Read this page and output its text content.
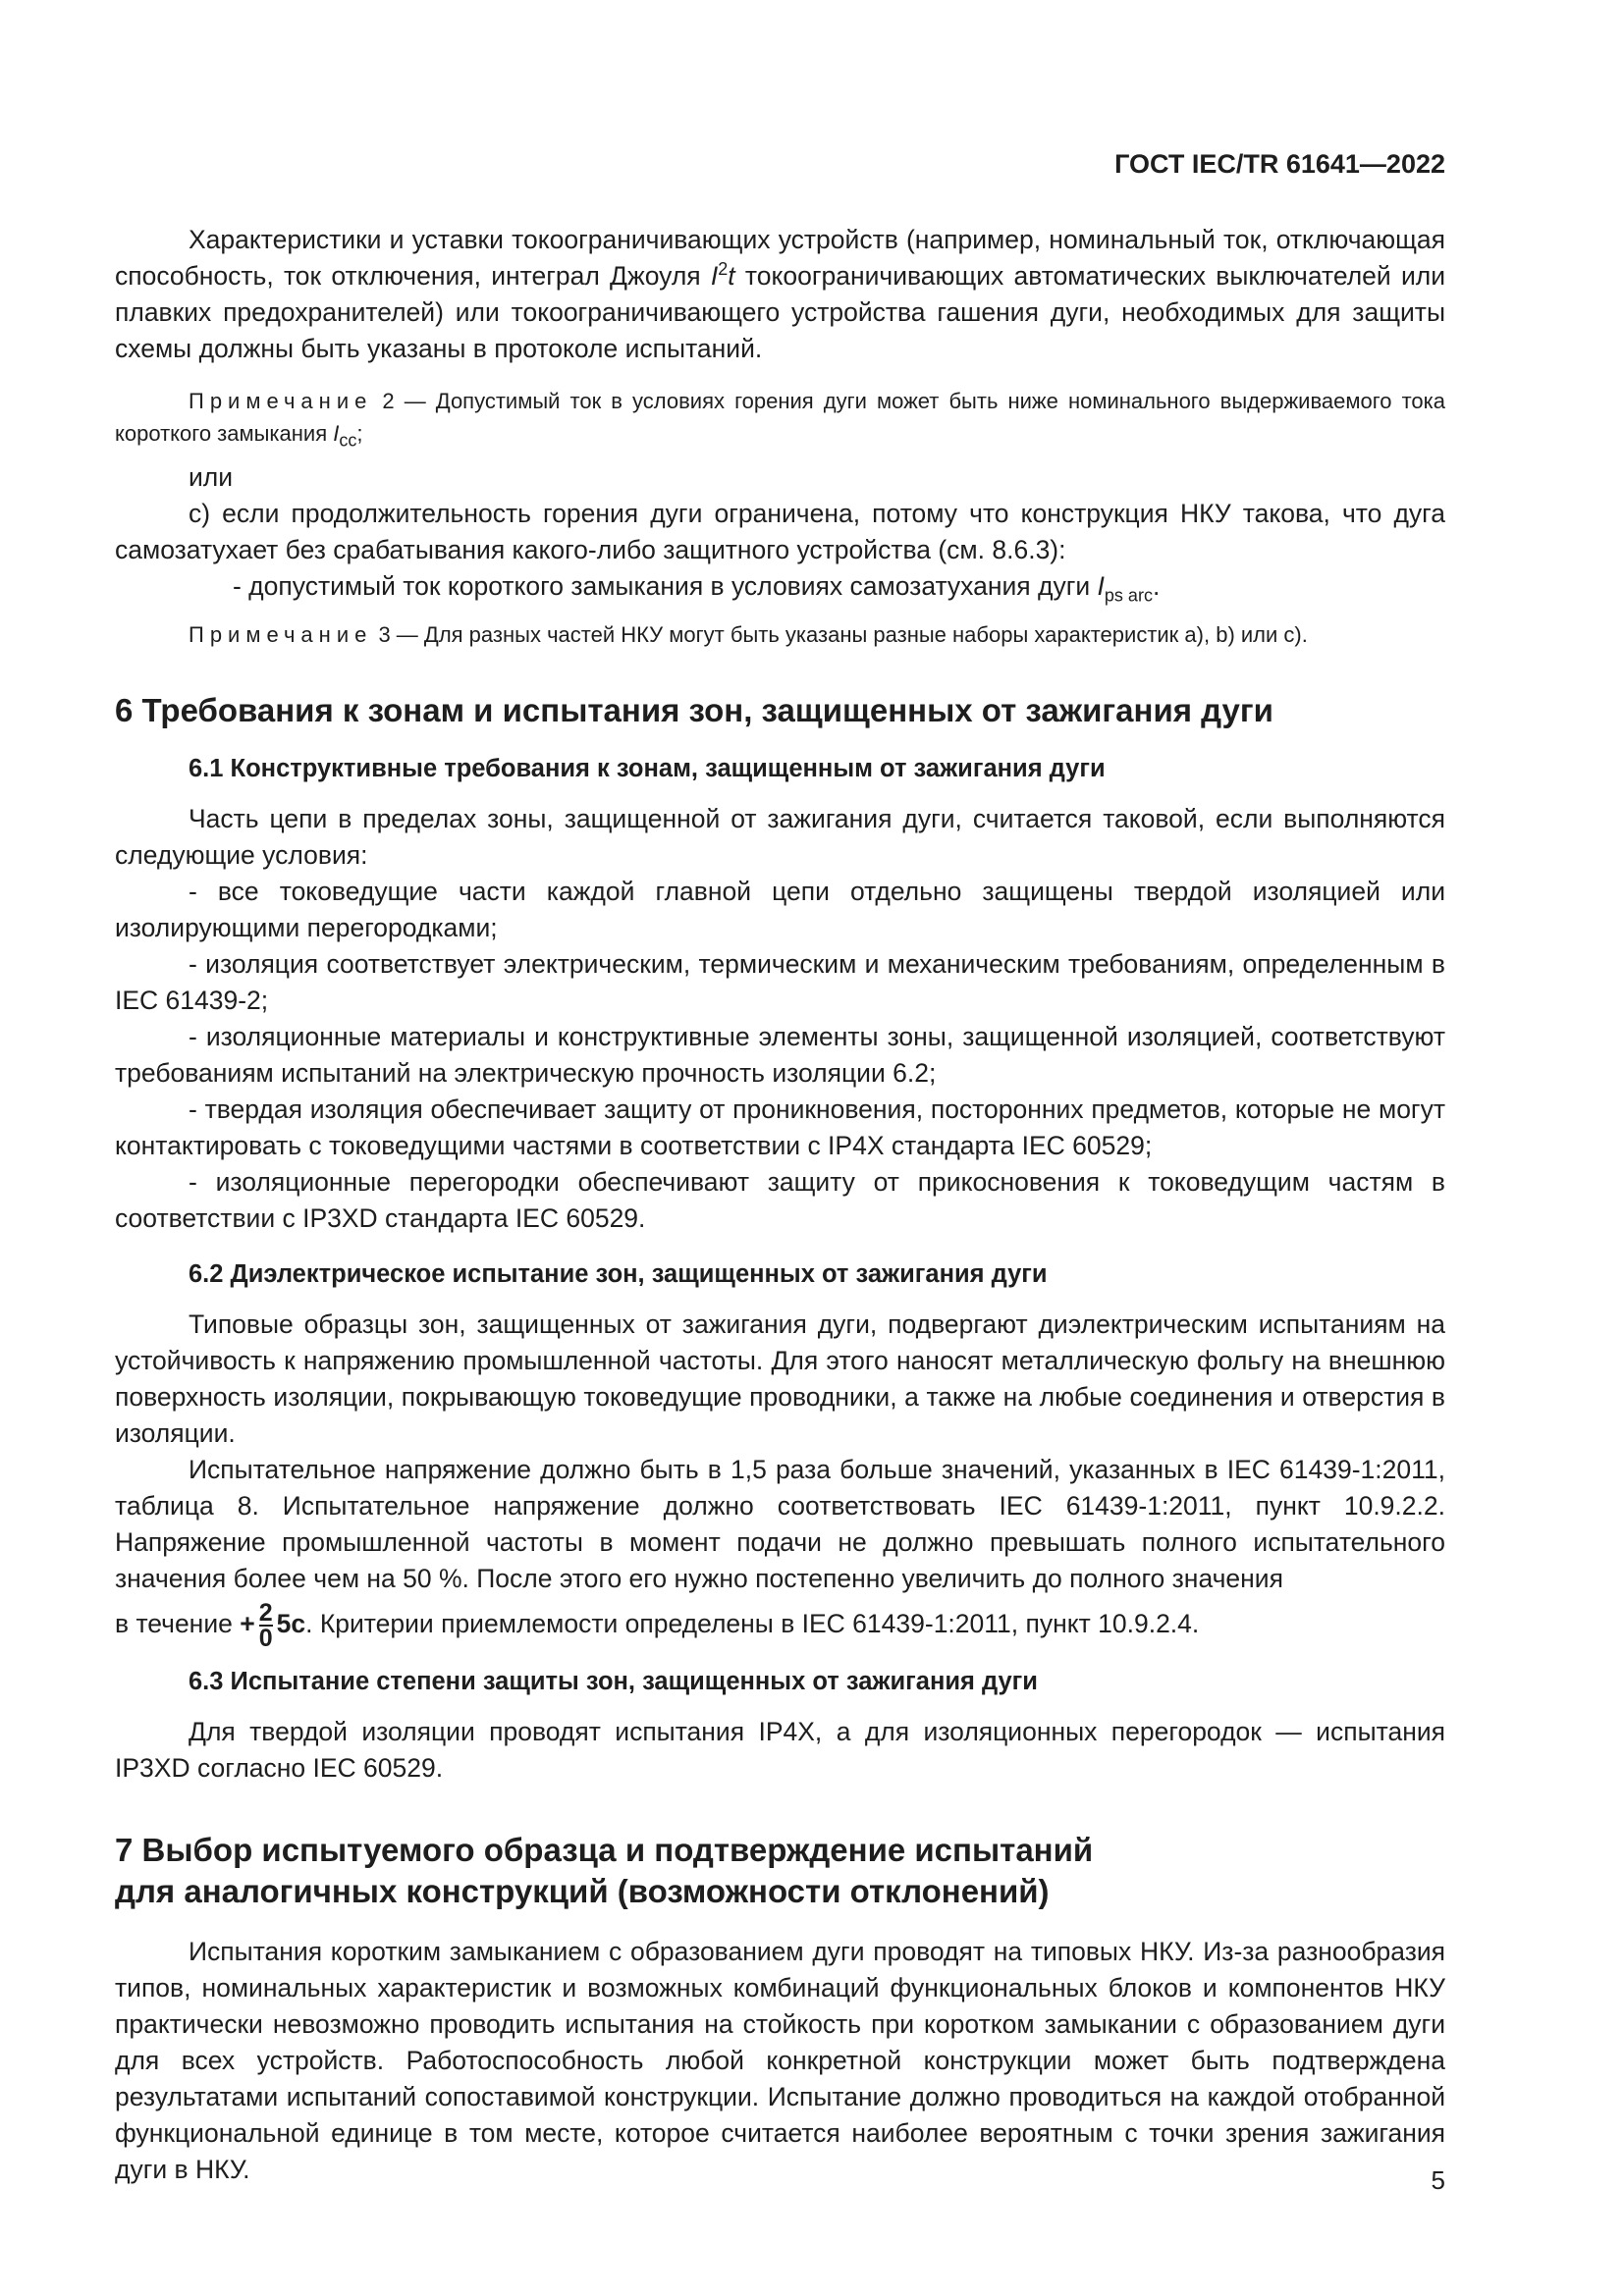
ГОСТ IEC/TR 61641—2022

Характеристики и уставки токоограничивающих устройств (например, номинальный ток, отключающая способность, ток отключения, интеграл Джоуля $I^2t$ токоограничивающих автоматических выключателей или плавких предохранителей) или токоограничивающего устройства гашения дуги, необходимых для защиты схемы должны быть указаны в протоколе испытаний.

Примечание 2 — Допустимый ток в условиях горения дуги может быть ниже номинального выдерживаемого тока короткого замыкания $I_{cc}$;

или

с) если продолжительность горения дуги ограничена, потому что конструкция НКУ такова, что дуга самозатухает без срабатывания какого-либо защитного устройства (см. 8.6.3):

- допустимый ток короткого замыкания в условиях самозатухания дуги $I_{ps arc}$.

Примечание 3 — Для разных частей НКУ могут быть указаны разные наборы характеристик a), b) или c).

6 Требования к зонам и испытания зон, защищенных от зажигания дуги
6.1 Конструктивные требования к зонам, защищенным от зажигания дуги

Часть цепи в пределах зоны, защищенной от зажигания дуги, считается таковой, если выполняются следующие условия:

- все токоведущие части каждой главной цепи отдельно защищены твердой изоляцией или изолирующими перегородками;

- изоляция соответствует электрическим, термическим и механическим требованиям, определенным в IEC 61439-2;

- изоляционные материалы и конструктивные элементы зоны, защищенной изоляцией, соответствуют требованиям испытаний на электрическую прочность изоляции 6.2;

- твердая изоляция обеспечивает защиту от проникновения, посторонних предметов, которые не могут контактировать с токоведущими частями в соответствии с IP4X стандарта IEC 60529;

- изоляционные перегородки обеспечивают защиту от прикосновения к токоведущим частям в соответствии с IP3XD стандарта IEC 60529.

6.2 Диэлектрическое испытание зон, защищенных от зажигания дуги

Типовые образцы зон, защищенных от зажигания дуги, подвергают диэлектрическим испытаниям на устойчивость к напряжению промышленной частоты. Для этого наносят металлическую фольгу на внешнюю поверхность изоляции, покрывающую токоведущие проводники, а также на любые соединения и отверстия в изоляции.

Испытательное напряжение должно быть в 1,5 раза больше значений, указанных в IEC 61439-1:2011, таблица 8. Испытательное напряжение должно соответствовать IEC 61439-1:2011, пункт 10.9.2.2. Напряжение промышленной частоты в момент подачи не должно превышать полного испытательного значения более чем на 50 %. После этого его нужно постепенно увеличить до полного значения

в течение + $\frac{2}{0} 5с$. Критерии приемлемости определены в IEC 61439-1:2011, пункт 10.9.2.4.

6.3 Испытание степени защиты зон, защищенных от зажигания дуги

Для твердой изоляции проводят испытания IP4X, а для изоляционных перегородок — испытания IP3XD согласно IEC 60529.

7 Выбор испытуемого образца и подтверждение испытаний
для аналогичных конструкций (возможности отклонений)

Испытания коротким замыканием с образованием дуги проводят на типовых НКУ. Из-за разнообразия типов, номинальных характеристик и возможных комбинаций функциональных блоков и компонентов НКУ практически невозможно проводить испытания на стойкость при коротком замыкании с образованием дуги для всех устройств. Работоспособность любой конкретной конструкции может быть подтверждена результатами испытаний сопоставимой конструкции. Испытание должно проводиться на каждой отобранной функциональной единице в том месте, которое считается наиболее вероятным с точки зрения зажигания дуги в НКУ.	5
